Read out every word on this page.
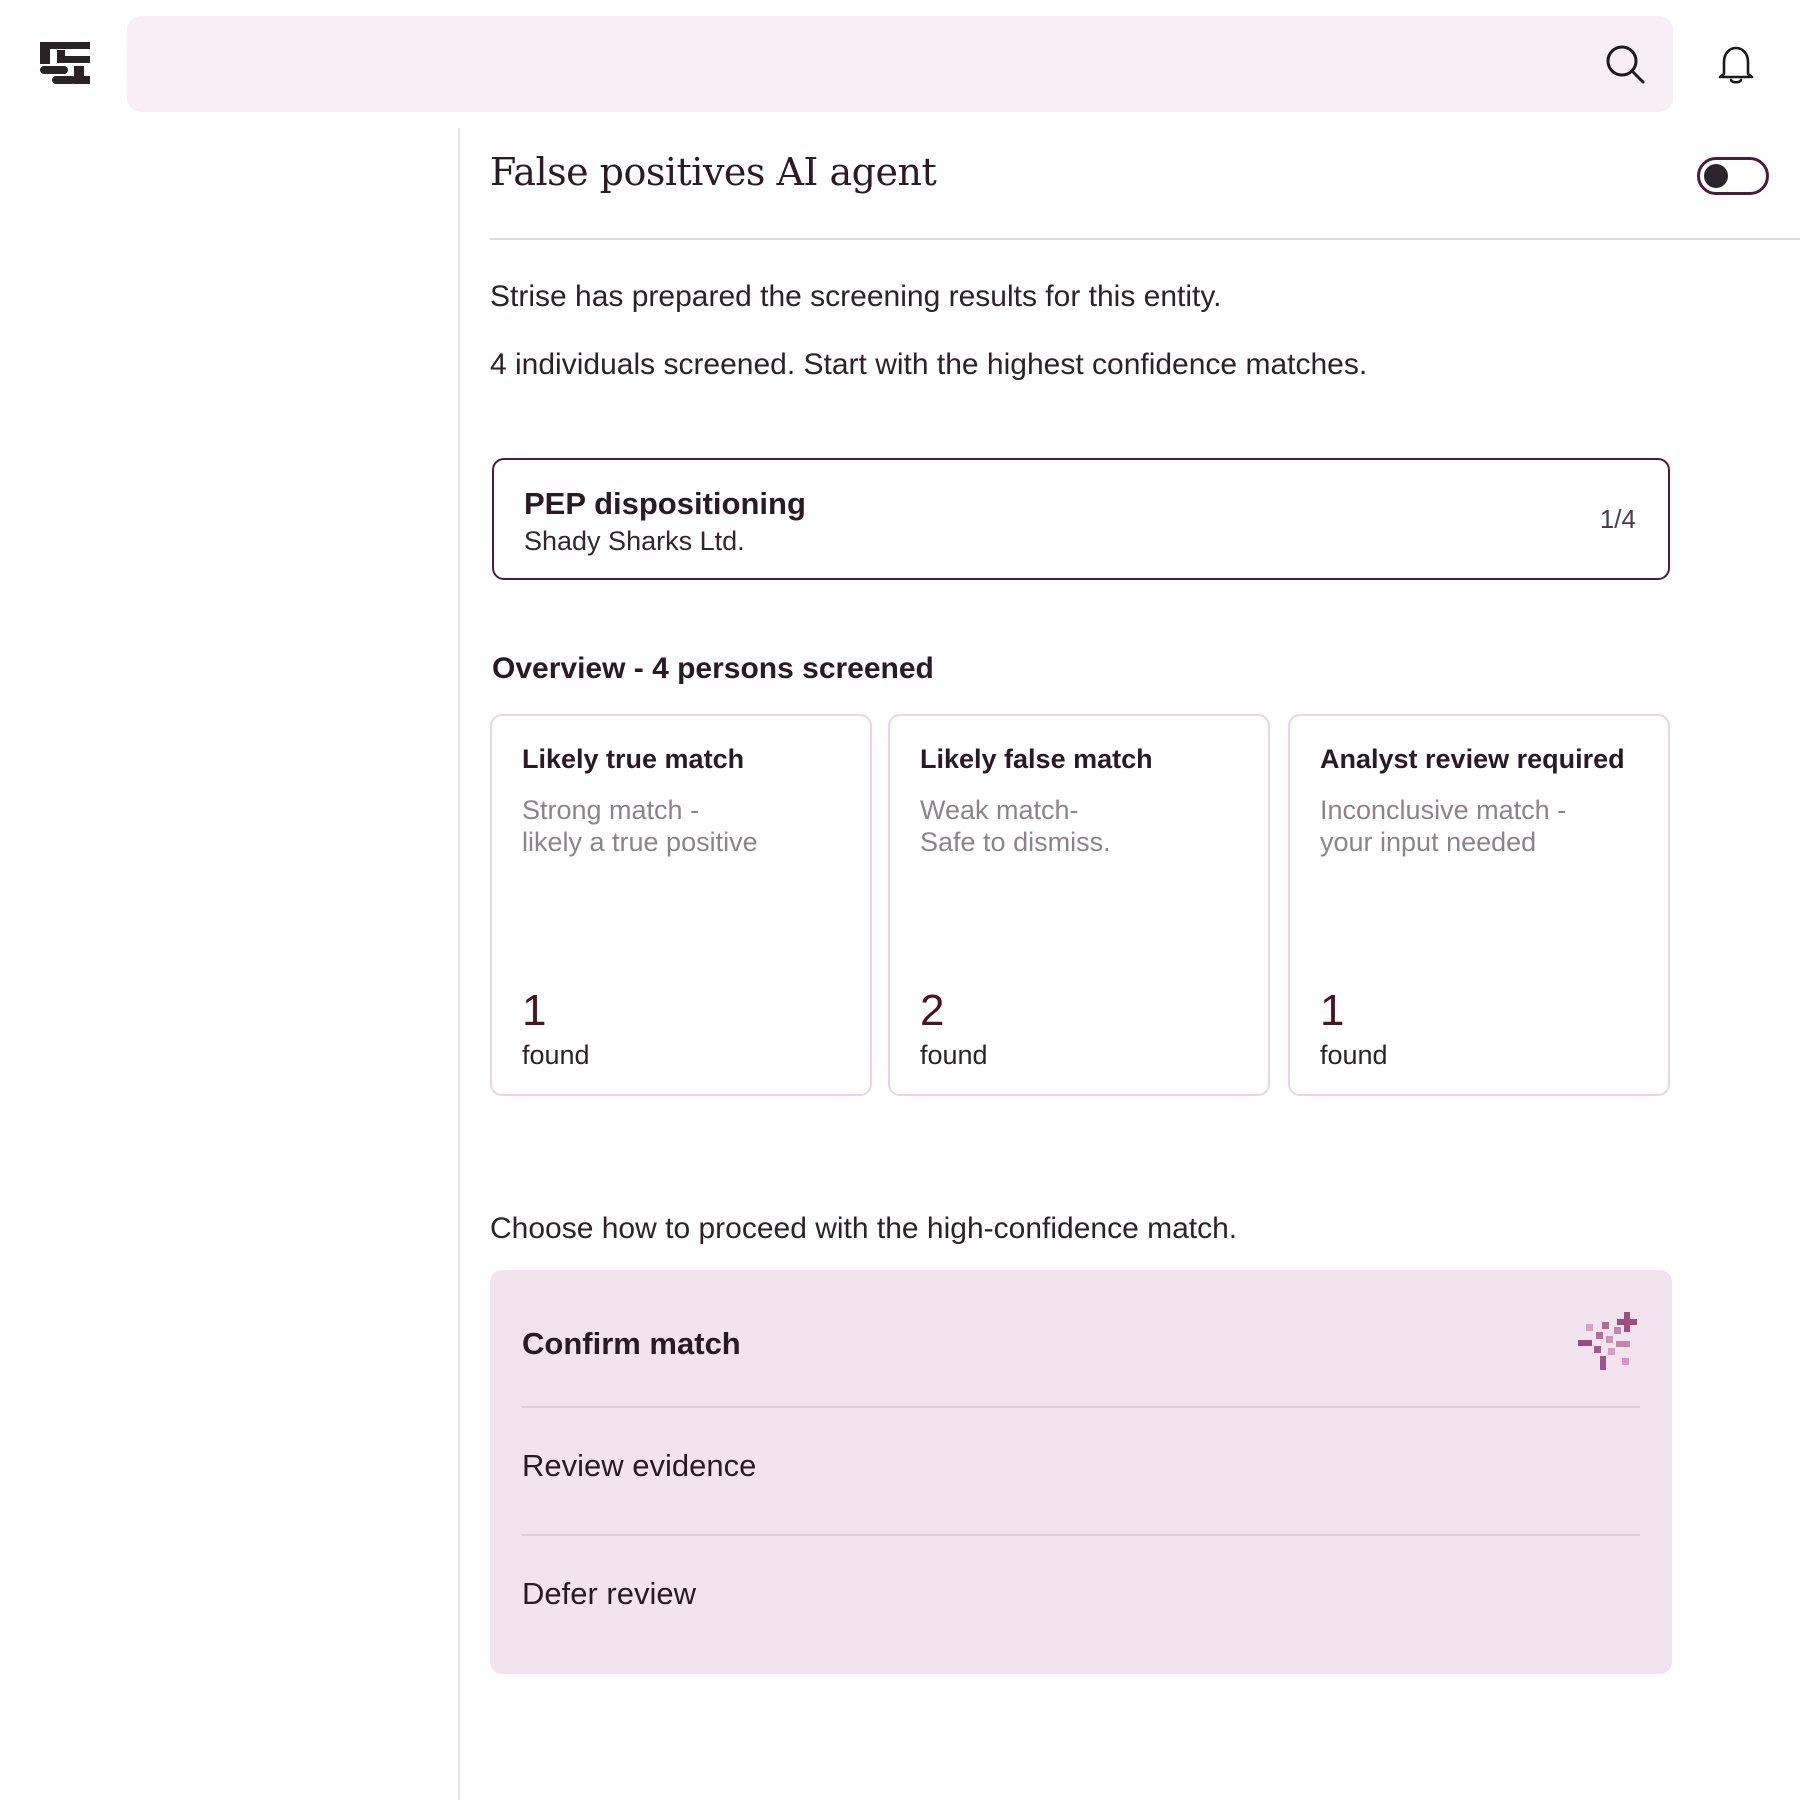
False positives AI agent
Strise has prepared the screening results for this entity.
4 individuals screened. Start with the highest confidence matches.
PEP dispositioning
Shady Sharks Ltd.
1/4
Overview - 4 persons screened
Likely true match
Strong match -
likely a true positive
1
found
Likely false match
Weak match-
Safe to dismiss.
2
found
Analyst review required
Inconclusive match -
your input needed
1
found
Choose how to proceed with the high-confidence match.
Confirm match
Review evidence
Defer review
